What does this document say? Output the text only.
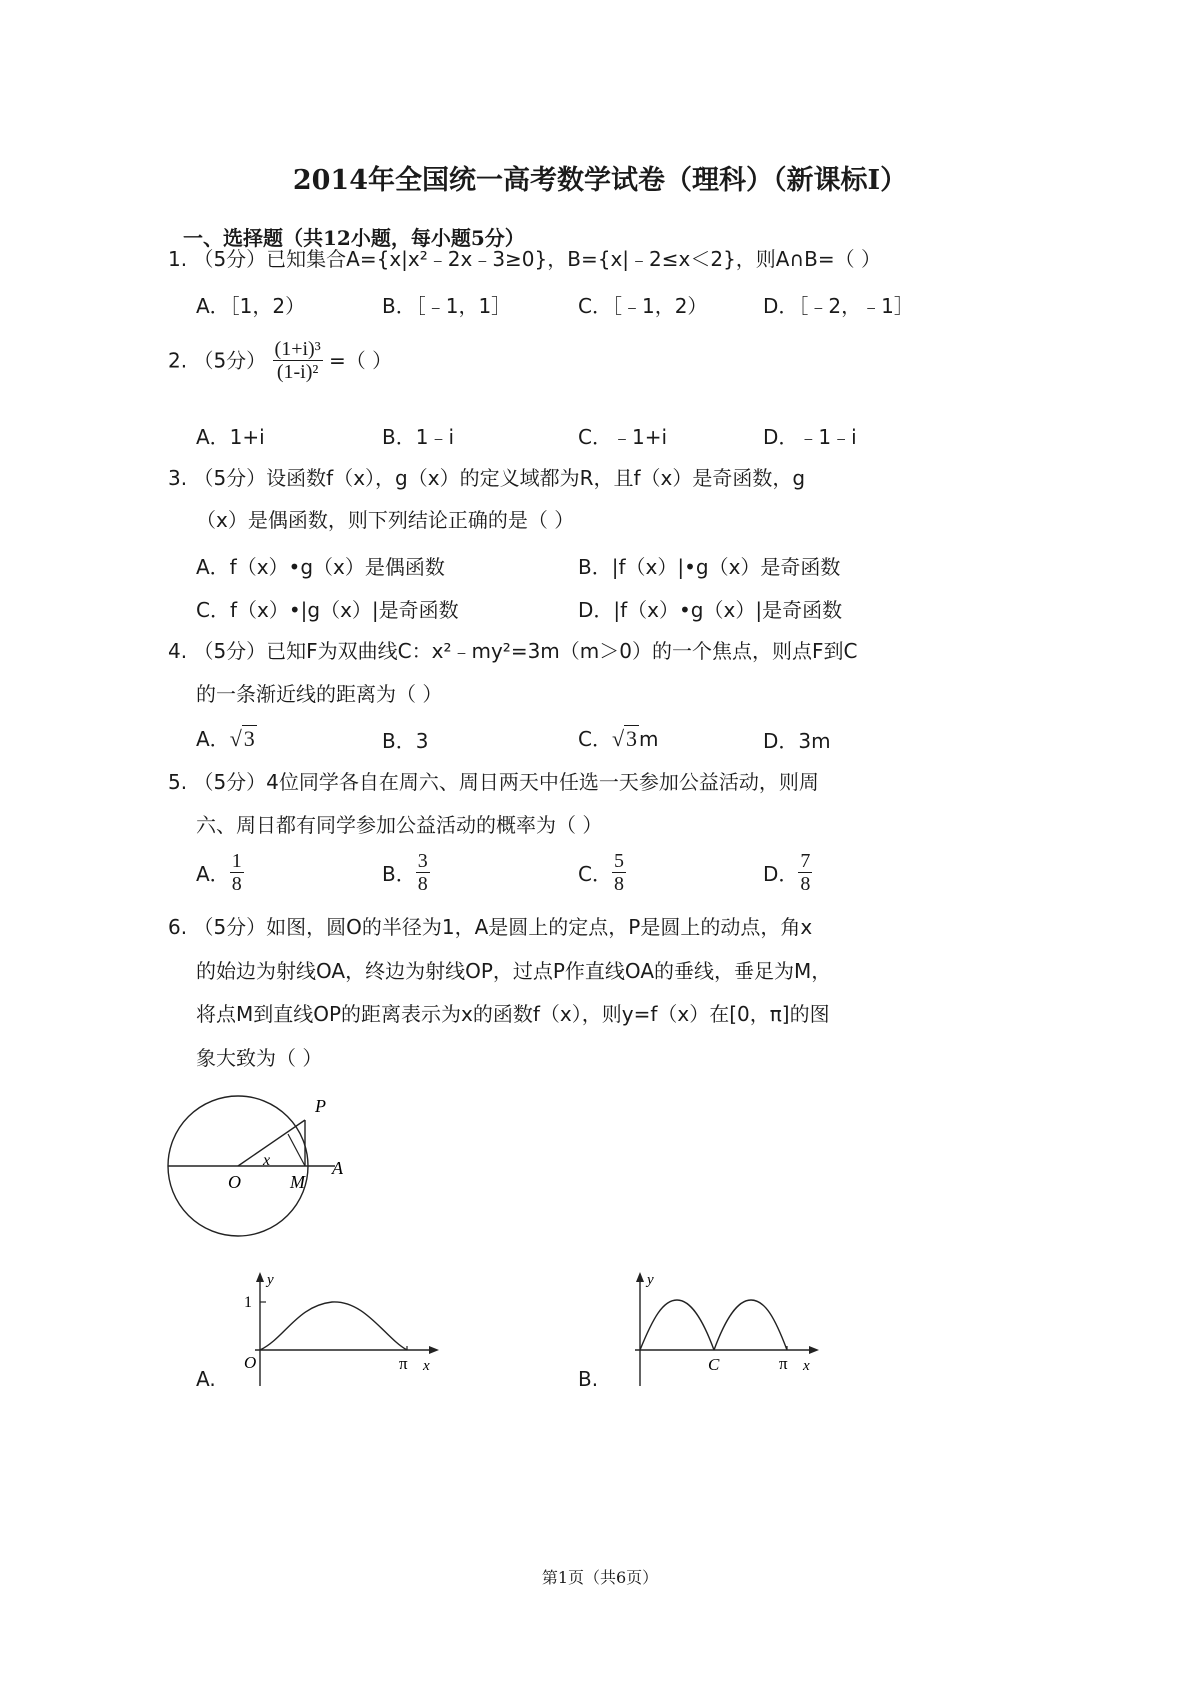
2014年全国统一高考数学试卷（理科）（新课标Ⅰ）
一、选择题（共12小题，每小题5分）
1. （5分）已知集合A={x|x²﹣2x﹣3≥0}，B={x|﹣2≤x＜2}，则A∩B=（ ）
A．［1，2）	B．［﹣1，1］	C．［﹣1，2）	D．［﹣2，﹣1］
2. （5分） $\frac{\text{(1+i)³}}{\text{(1-i)²}}$ =（ ）
A．1+i	B．1﹣i	C．﹣1+i	D．﹣1﹣i
3. （5分）设函数f（x），g（x）的定义域都为R，且f（x）是奇函数，g
（x）是偶函数，则下列结论正确的是（ ）
A．f（x）•g（x）是偶函数	B．|f（x）|•g（x）是奇函数
C．f（x）•|g（x）|是奇函数	D．|f（x）•g（x）|是奇函数
4. （5分）已知F为双曲线C：x²﹣my²=3m（m＞0）的一个焦点，则点F到C
的一条渐近线的距离为（ ）
A．√3	B．3	C．√3 m	D．3m
5. （5分）4位同学各自在周六、周日两天中任选一天参加公益活动，则周
六、周日都有同学参加公益活动的概率为（ ）
A． $\frac{1}{8}$	B． $\frac{3}{8}$	C． $\frac{5}{8}$	D． $\frac{7}{8}$
6. （5分）如图，圆O的半径为1，A是圆上的定点，P是圆上的动点，角x
的始边为射线OA，终边为射线OP，过点P作直线OA的垂线，垂足为M，
将点M到直线OP的距离表示为x的函数f（x），则y=f（x）在[0，π]的图
象大致为（ ）
P
O	M
A
x
A.
y
1
O	π x
B.
y
C	π x
第1页（共6页）
